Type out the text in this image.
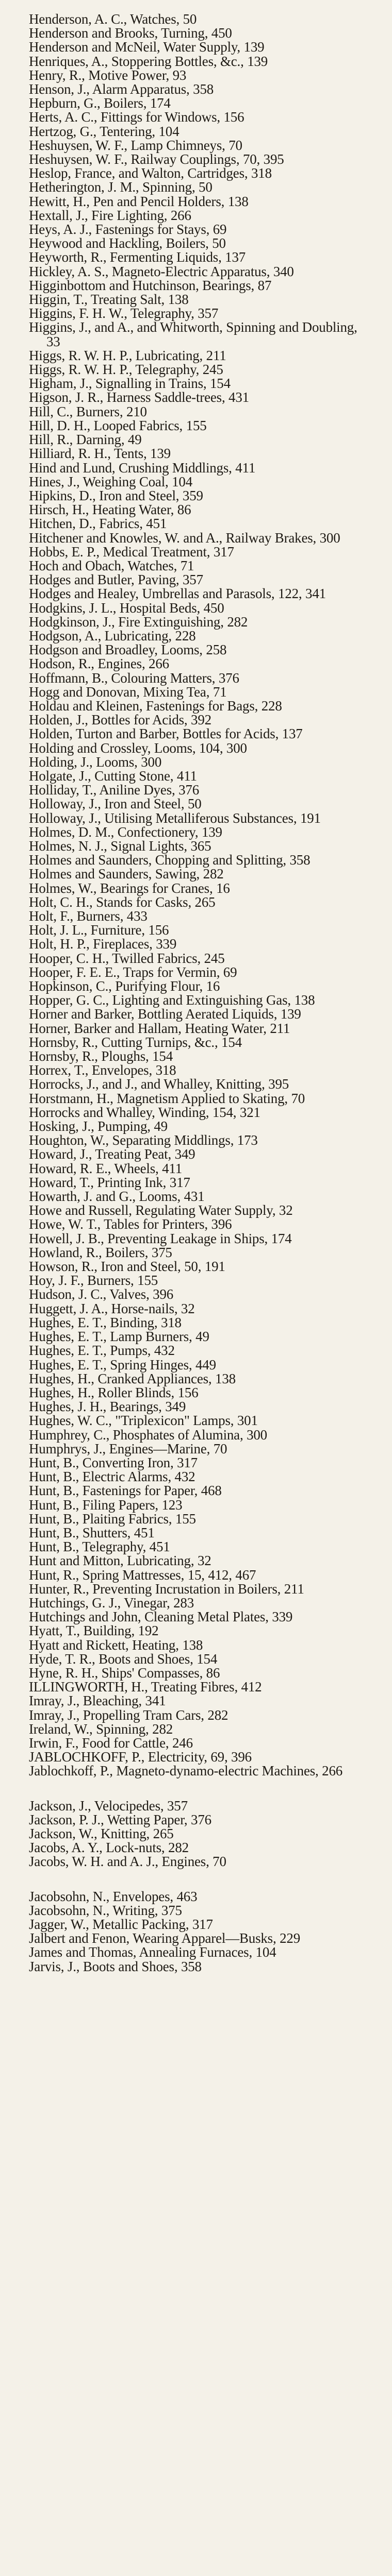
Henderson, A. C., Watches, 50

Henderson and Brooks, Turning, 450

Henderson and McNeil, Water Supply, 139

Henriques, A., Stoppering Bottles, &c., 139

Henry, R., Motive Power, 93

Henson, J., Alarm Apparatus, 358

Hepburn, G., Boilers, 174

Herts, A. C., Fittings for Windows, 156

Hertzog, G., Tentering, 104

Heshuysen, W. F., Lamp Chimneys, 70

Heshuysen, W. F., Railway Couplings, 70, 395

Heslop, France, and Walton, Cartridges, 318

Hetherington, J. M., Spinning, 50

Hewitt, H., Pen and Pencil Holders, 138

Hextall, J., Fire Lighting, 266

Heys, A. J., Fastenings for Stays, 69

Heywood and Hackling, Boilers, 50

Heyworth, R., Fermenting Liquids, 137

Hickley, A. S., Magneto-Electric Apparatus, 340

Higginbottom and Hutchinson, Bearings, 87

Higgin, T., Treating Salt, 138

Higgins, F. H. W., Telegraphy, 357

Higgins, J., and A., and Whitworth, Spinning and Doubling, 33

Higgs, R. W. H. P., Lubricating, 211

Higgs, R. W. H. P., Telegraphy, 245

Higham, J., Signalling in Trains, 154

Higson, J. R., Harness Saddle-trees, 431

Hill, C., Burners, 210

Hill, D. H., Looped Fabrics, 155

Hill, R., Darning, 49

Hilliard, R. H., Tents, 139

Hind and Lund, Crushing Middlings, 411

Hines, J., Weighing Coal, 104

Hipkins, D., Iron and Steel, 359

Hirsch, H., Heating Water, 86

Hitchen, D., Fabrics, 451

Hitchener and Knowles, W. and A., Railway Brakes, 300

Hobbs, E. P., Medical Treatment, 317

Hoch and Obach, Watches, 71

Hodges and Butler, Paving, 357

Hodges and Healey, Umbrellas and Parasols, 122, 341

Hodgkins, J. L., Hospital Beds, 450

Hodgkinson, J., Fire Extinguishing, 282

Hodgson, A., Lubricating, 228

Hodgson and Broadley, Looms, 258

Hodson, R., Engines, 266

Hoffmann, B., Colouring Matters, 376

Hogg and Donovan, Mixing Tea, 71

Holdau and Kleinen, Fastenings for Bags, 228

Holden, J., Bottles for Acids, 392

Holden, Turton and Barber, Bottles for Acids, 137

Holding and Crossley, Looms, 104, 300

Holding, J., Looms, 300

Holgate, J., Cutting Stone, 411

Holliday, T., Aniline Dyes, 376

Holloway, J., Iron and Steel, 50

Holloway, J., Utilising Metalliferous Substances, 191

Holmes, D. M., Confectionery, 139

Holmes, N. J., Signal Lights, 365

Holmes and Saunders, Chopping and Splitting, 358

Holmes and Saunders, Sawing, 282

Holmes, W., Bearings for Cranes, 16

Holt, C. H., Stands for Casks, 265

Holt, F., Burners, 433

Holt, J. L., Furniture, 156

Holt, H. P., Fireplaces, 339

Hooper, C. H., Twilled Fabrics, 245

Hooper, F. E. E., Traps for Vermin, 69

Hopkinson, C., Purifying Flour, 16

Hopper, G. C., Lighting and Extinguishing Gas, 138

Horner and Barker, Bottling Aerated Liquids, 139

Horner, Barker and Hallam, Heating Water, 211

Hornsby, R., Cutting Turnips, &c., 154

Hornsby, R., Ploughs, 154

Horrex, T., Envelopes, 318

Horrocks, J., and J., and Whalley, Knitting, 395

Horstmann, H., Magnetism Applied to Skating, 70

Horrocks and Whalley, Winding, 154, 321

Hosking, J., Pumping, 49

Houghton, W., Separating Middlings, 173

Howard, J., Treating Peat, 349

Howard, R. E., Wheels, 411

Howard, T., Printing Ink, 317

Howarth, J. and G., Looms, 431

Howe and Russell, Regulating Water Supply, 32

Howe, W. T., Tables for Printers, 396

Howell, J. B., Preventing Leakage in Ships, 174

Howland, R., Boilers, 375

Howson, R., Iron and Steel, 50, 191

Hoy, J. F., Burners, 155

Hudson, J. C., Valves, 396

Huggett, J. A., Horse-nails, 32

Hughes, E. T., Binding, 318

Hughes, E. T., Lamp Burners, 49

Hughes, E. T., Pumps, 432

Hughes, E. T., Spring Hinges, 449

Hughes, H., Cranked Appliances, 138

Hughes, H., Roller Blinds, 156

Hughes, J. H., Bearings, 349

Hughes, W. C., "Triplexicon" Lamps, 301

Humphrey, C., Phosphates of Alumina, 300

Humphrys, J., Engines—Marine, 70

Hunt, B., Converting Iron, 317

Hunt, B., Electric Alarms, 432

Hunt, B., Fastenings for Paper, 468

Hunt, B., Filing Papers, 123

Hunt, B., Plaiting Fabrics, 155

Hunt, B., Shutters, 451

Hunt, B., Telegraphy, 451

Hunt and Mitton, Lubricating, 32

Hunt, R., Spring Mattresses, 15, 412, 467

Hunter, R., Preventing Incrustation in Boilers, 211

Hutchings, G. J., Vinegar, 283

Hutchings and John, Cleaning Metal Plates, 339

Hyatt, T., Building, 192

Hyatt and Rickett, Heating, 138

Hyde, T. R., Boots and Shoes, 154

Hyne, R. H., Ships' Compasses, 86

ILLINGWORTH, H., Treating Fibres, 412

Imray, J., Bleaching, 341

Imray, J., Propelling Tram Cars, 282

Ireland, W., Spinning, 282

Irwin, F., Food for Cattle, 246

JABLOCHKOFF, P., Electricity, 69, 396

Jablochkoff, P., Magneto-dynamo-electric Machines, 266

Jackson, J., Velocipedes, 357

Jackson, P. J., Wetting Paper, 376

Jackson, W., Knitting, 265

Jacobs, A. Y., Lock-nuts, 282

Jacobs, W. H. and A. J., Engines, 70

Jacobsohn, N., Envelopes, 463

Jacobsohn, N., Writing, 375

Jagger, W., Metallic Packing, 317

Jalbert and Fenon, Wearing Apparel—Busks, 229

James and Thomas, Annealing Furnaces, 104

Jarvis, J., Boots and Shoes, 358
